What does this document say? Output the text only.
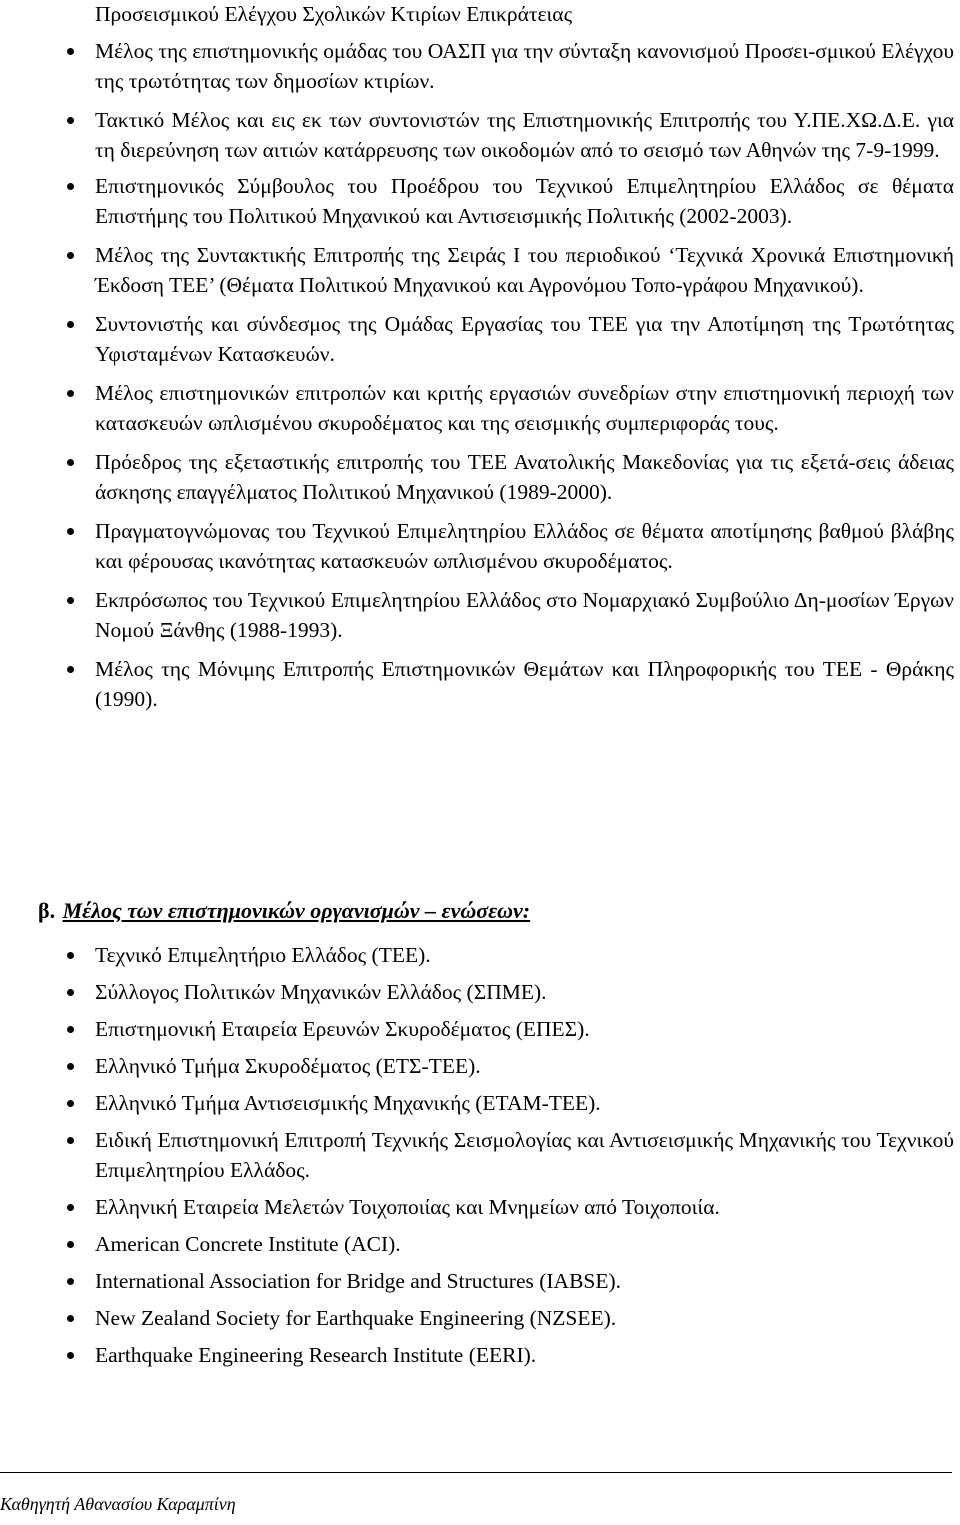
Προσεισμικού Ελέγχου Σχολικών Κτιρίων Επικράτειας

Μέλος της επιστημονικής ομάδας του ΟΑΣΠ για την σύνταξη κανονισμού Προσει-σμικού Ελέγχου της τρωτότητας των δημοσίων κτιρίων.
Τακτικό Μέλος και εις εκ των συντονιστών της Επιστημονικής Επιτροπής του Υ.ΠΕ.ΧΩ.Δ.Ε. για τη διερεύνηση των αιτιών κατάρρευσης των οικοδομών από το σεισμό των Αθηνών της 7-9-1999.
Επιστημονικός Σύμβουλος του Προέδρου του Τεχνικού Επιμελητηρίου Ελλάδος σε θέματα Επιστήμης του Πολιτικού Μηχανικού και Αντισεισμικής Πολιτικής (2002-2003).
Μέλος της Συντακτικής Επιτροπής της Σειράς Ι του περιοδικού ‘Τεχνικά Χρονικά Επιστημονική Έκδοση ΤΕΕ’ (Θέματα Πολιτικού Μηχανικού και Αγρονόμου Τοπο-γράφου Μηχανικού).
Συντονιστής και σύνδεσμος της Ομάδας Εργασίας του ΤΕΕ για την Αποτίμηση της Τρωτότητας Υφισταμένων Κατασκευών.
Μέλος επιστημονικών επιτροπών και κριτής εργασιών συνεδρίων στην επιστημονική περιοχή των κατασκευών ωπλισμένου σκυροδέματος και της σεισμικής συμπεριφοράς τους.
Πρόεδρος της εξεταστικής επιτροπής του ΤΕΕ Ανατολικής Μακεδονίας για τις εξετά-σεις άδειας άσκησης επαγγέλματος Πολιτικού Μηχανικού (1989-2000).
Πραγματογνώμονας του Τεχνικού Επιμελητηρίου Ελλάδος σε θέματα αποτίμησης βαθμού βλάβης και φέρουσας ικανότητας κατασκευών ωπλισμένου σκυροδέματος.
Εκπρόσωπος του Τεχνικού Επιμελητηρίου Ελλάδος στο Νομαρχιακό Συμβούλιο Δη-μοσίων Έργων Νομού Ξάνθης (1988-1993).
Μέλος της Μόνιμης Επιτροπής Επιστημονικών Θεμάτων και Πληροφορικής του ΤΕΕ - Θράκης (1990).

β. Μέλος των επιστημονικών οργανισμών – ενώσεων:

Τεχνικό Επιμελητήριο Ελλάδος (ΤΕΕ).
Σύλλογος Πολιτικών Μηχανικών Ελλάδος (ΣΠΜΕ).
Επιστημονική Εταιρεία Ερευνών Σκυροδέματος (ΕΠΕΣ).
Ελληνικό Τμήμα Σκυροδέματος (ΕΤΣ-ΤΕΕ).
Ελληνικό Τμήμα Αντισεισμικής Μηχανικής (ΕΤΑΜ-ΤΕΕ).
Ειδική Επιστημονική Επιτροπή Τεχνικής Σεισμολογίας και Αντισεισμικής Μηχανικής του Τεχνικού Επιμελητηρίου Ελλάδος.
Ελληνική Εταιρεία Μελετών Τοιχοποιίας και Μνημείων από Τοιχοποιία.
American Concrete Institute (ACI).
International Association for Bridge and Structures (IABSE).
New Zealand Society for Earthquake Engineering (NZSEE).
Earthquake Engineering Research Institute (EERI).

Καθηγητή Αθανασίου Καραμπίνη
